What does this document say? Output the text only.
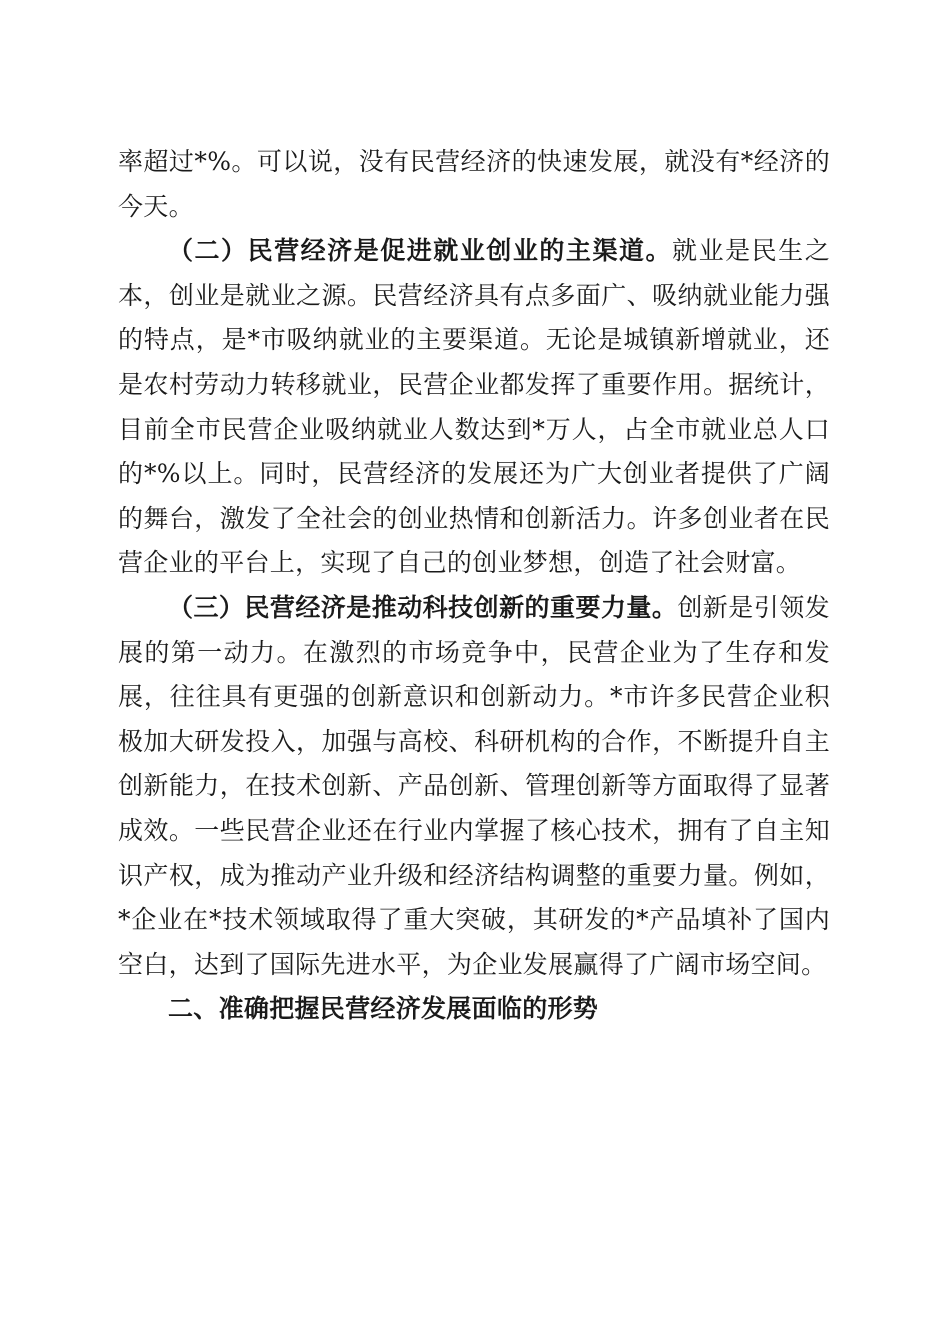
率超过*%。可以说，没有民营经济的快速发展，就没有*经济的今天。

（二）民营经济是促进就业创业的主渠道。就业是民生之本，创业是就业之源。民营经济具有点多面广、吸纳就业能力强的特点，是*市吸纳就业的主要渠道。无论是城镇新增就业，还是农村劳动力转移就业，民营企业都发挥了重要作用。据统计，目前全市民营企业吸纳就业人数达到*万人，占全市就业总人口的*%以上。同时，民营经济的发展还为广大创业者提供了广阔的舞台，激发了全社会的创业热情和创新活力。许多创业者在民营企业的平台上，实现了自己的创业梦想，创造了社会财富。

（三）民营经济是推动科技创新的重要力量。创新是引领发展的第一动力。在激烈的市场竞争中，民营企业为了生存和发展，往往具有更强的创新意识和创新动力。*市许多民营企业积极加大研发投入，加强与高校、科研机构的合作，不断提升自主创新能力，在技术创新、产品创新、管理创新等方面取得了显著成效。一些民营企业还在行业内掌握了核心技术，拥有了自主知识产权，成为推动产业升级和经济结构调整的重要力量。例如，*企业在*技术领域取得了重大突破，其研发的*产品填补了国内空白，达到了国际先进水平，为企业发展赢得了广阔市场空间。

二、准确把握民营经济发展面临的形势
